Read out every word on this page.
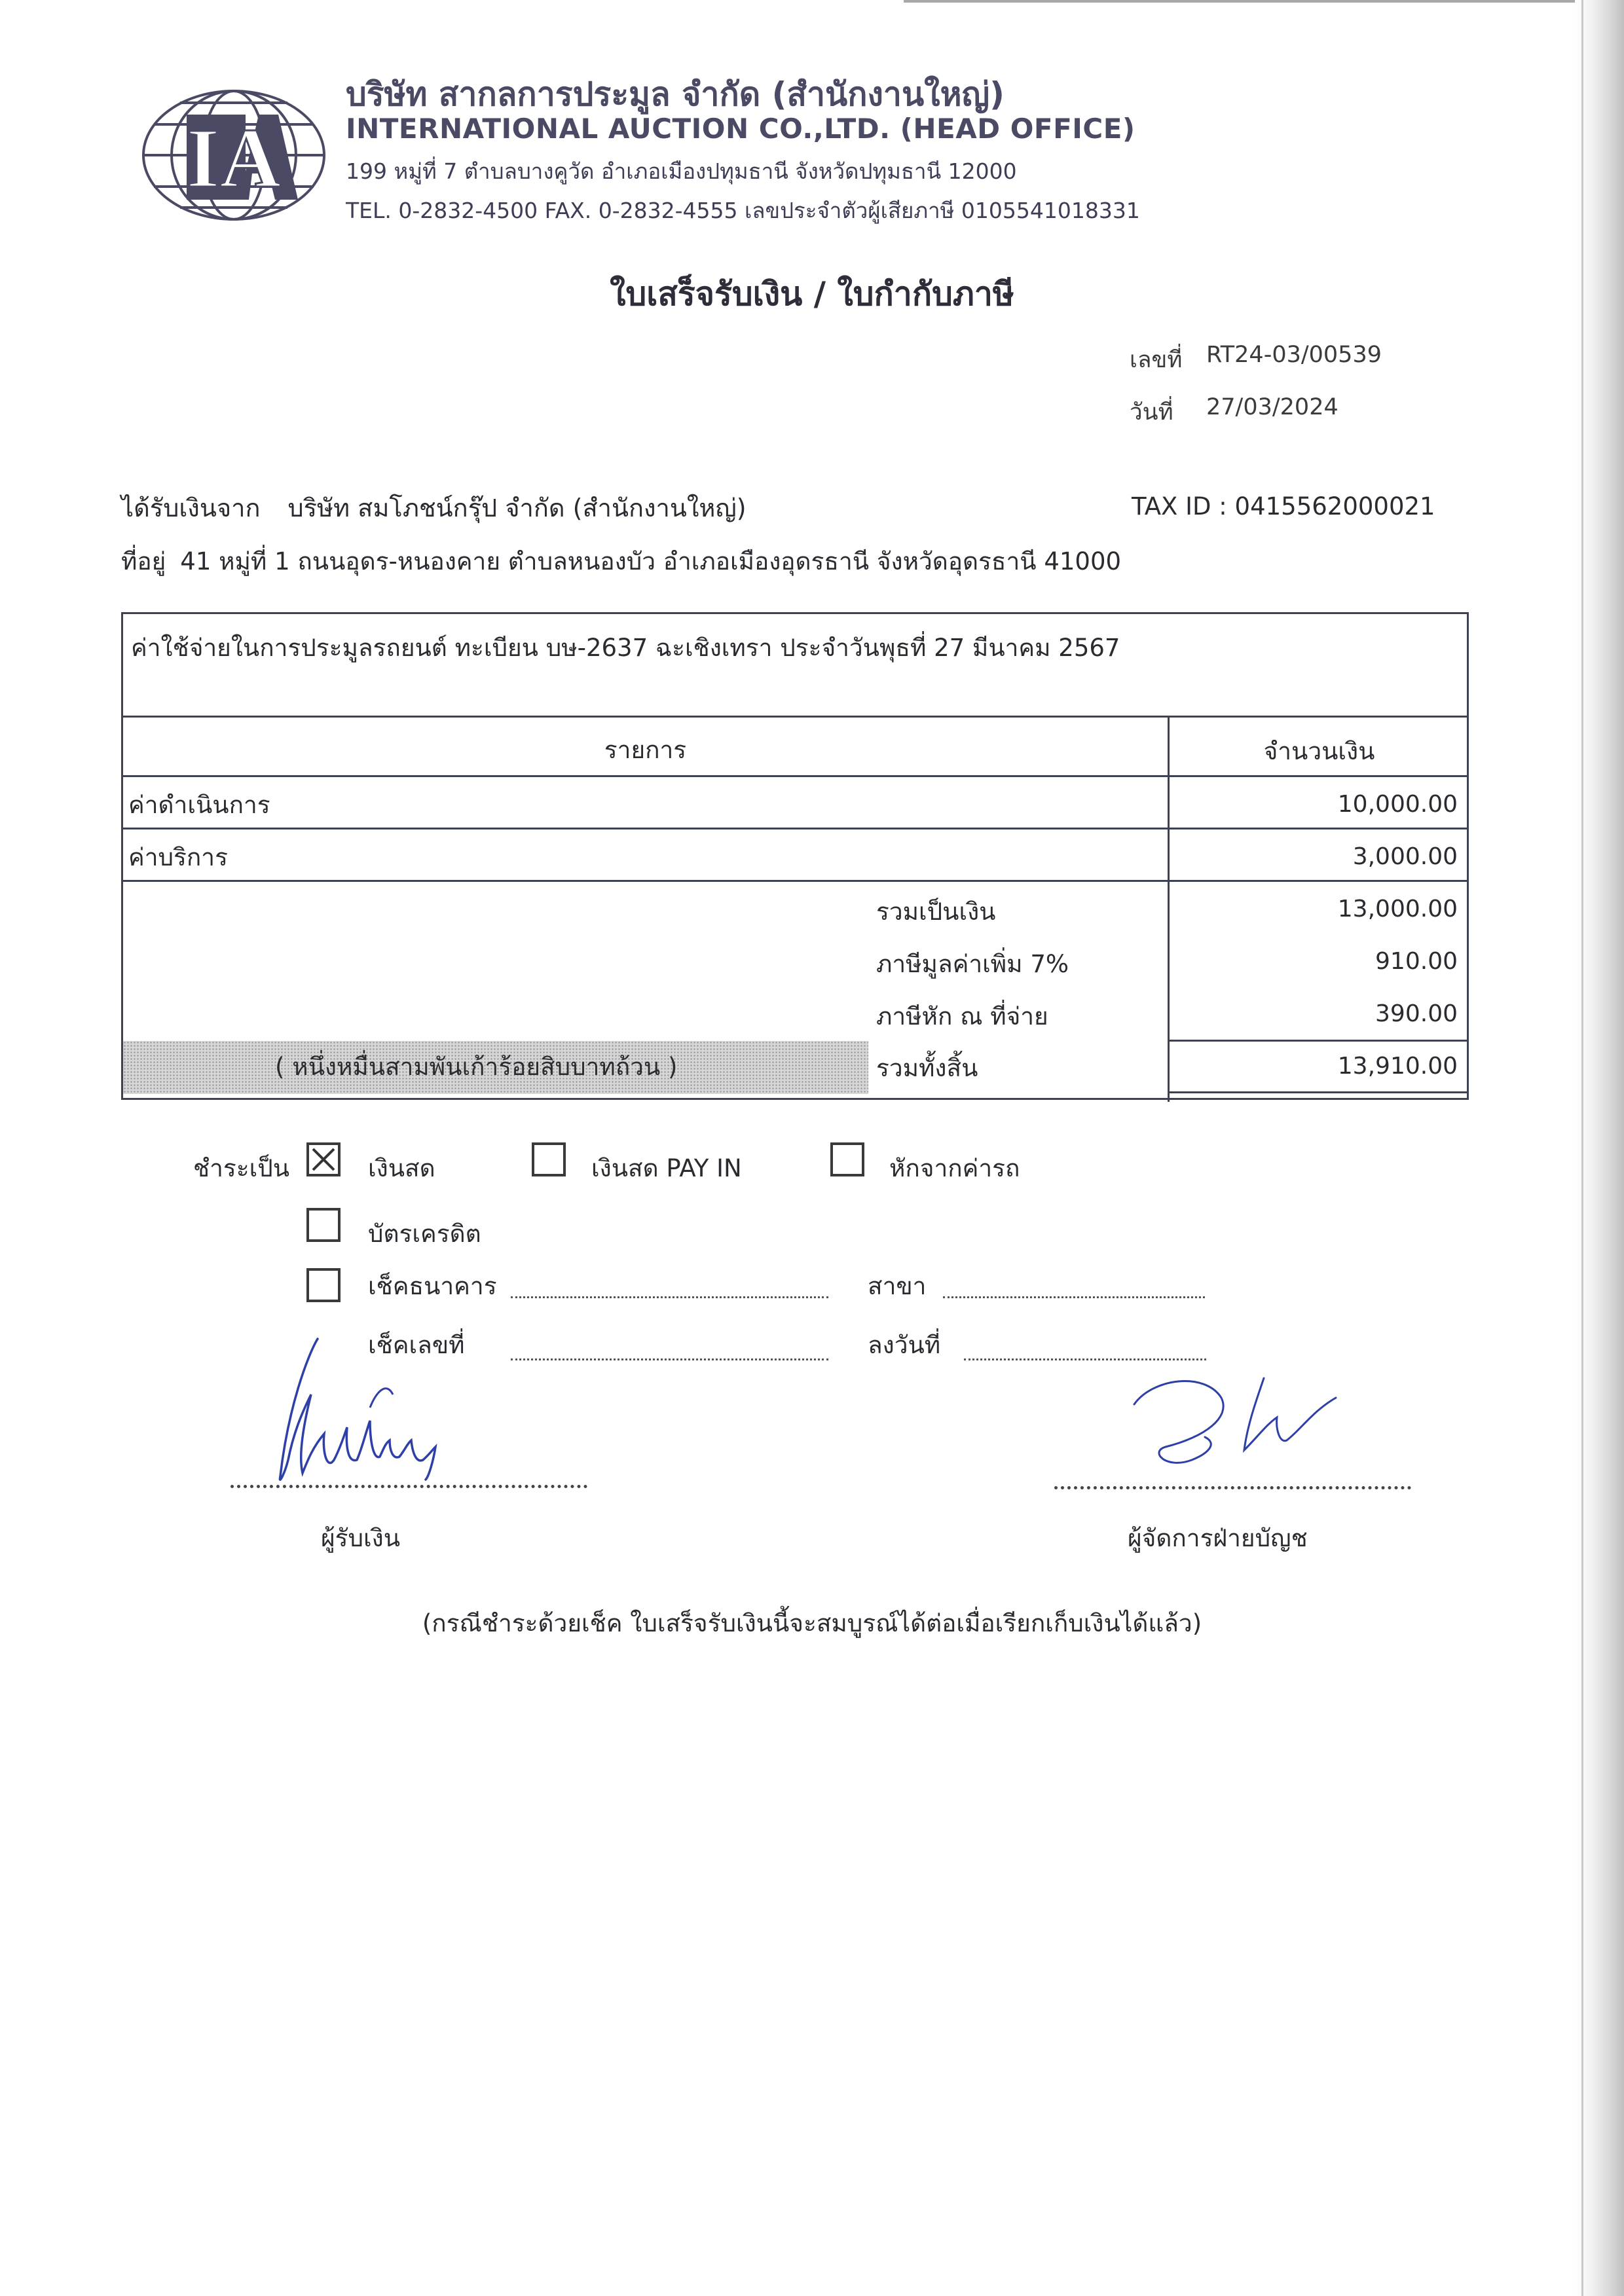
IA
บริษัท สากลการประมูล จำกัด (สำนักงานใหญ่)
INTERNATIONAL AUCTION CO.,LTD. (HEAD OFFICE)
199 หมู่ที่ 7 ตำบลบางคูวัด อำเภอเมืองปทุมธานี จังหวัดปทุมธานี 12000
TEL. 0-2832-4500 FAX. 0-2832-4555 เลขประจำตัวผู้เสียภาษี 0105541018331
ใบเสร็จรับเงิน / ใบกำกับภาษี
เลขที่ RT24-03/00539
วันที่ 27/03/2024
ได้รับเงินจาก บริษัท สมโภชน์กรุ๊ป จำกัด (สำนักงานใหญ่)	TAX ID : 0415562000021
ที่อยู่ 41 หมู่ที่ 1 ถนนอุดร-หนองคาย ตำบลหนองบัว อำเภอเมืองอุดรธานี จังหวัดอุดรธานี 41000
ค่าใช้จ่ายในการประมูลรถยนต์ ทะเบียน บษ-2637 ฉะเชิงเทรา ประจำวันพุธที่ 27 มีนาคม 2567
รายการ	จำนวนเงิน
ค่าดำเนินการ	10,000.00
ค่าบริการ	3,000.00
รวมเป็นเงิน	13,000.00
ภาษีมูลค่าเพิ่ม 7%	910.00
ภาษีหัก ณ ที่จ่าย	390.00
( หนึ่งหมื่นสามพันเก้าร้อยสิบบาทถ้วน )	รวมทั้งสิ้น	13,910.00
ชำระเป็น	เงินสด	เงินสด PAY IN	หักจากค่ารถ
บัตรเครดิต
เช็คธนาคาร	สาขา
เช็คเลขที่	ลงวันที่
ผู้รับเงิน	ผู้จัดการฝ่ายบัญช
(กรณีชำระด้วยเช็ค ใบเสร็จรับเงินนี้จะสมบูรณ์ได้ต่อเมื่อเรียกเก็บเงินได้แล้ว)
